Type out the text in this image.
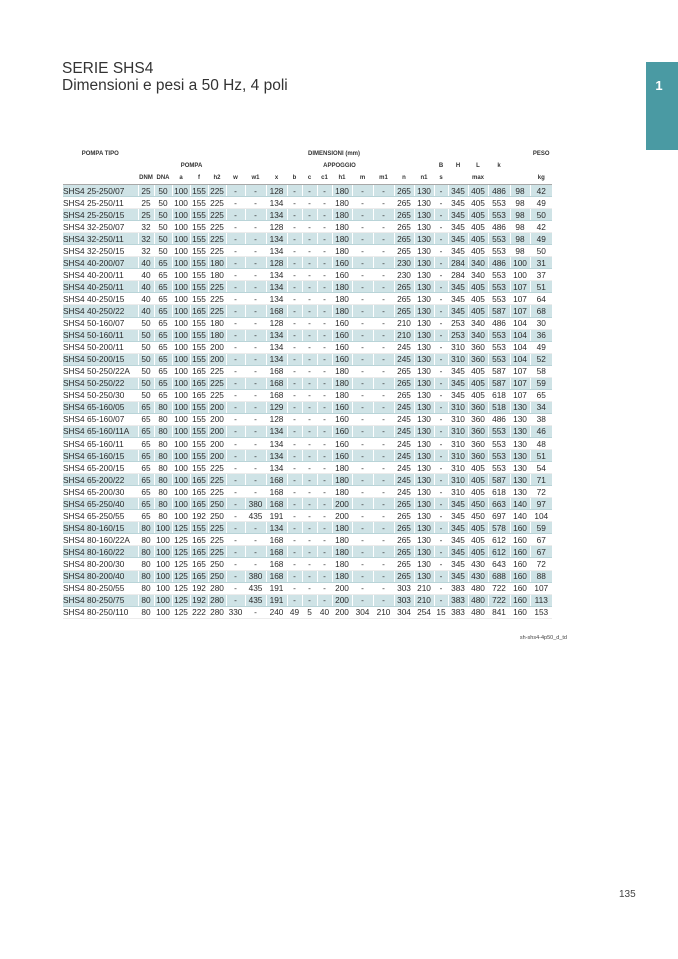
SERIE SHS4
Dimensioni e pesi a 50 Hz, 4 poli	1
POMPA TIPO	DIMENSIONI (mm)																					PESO
	POMPA						APPOGGIO										B	H	L	k		
	DNM	DNA	a	f	h2	w	w1	x	b	c	c1	h1	m	m1	n	n1	s		max			kg
SHS4 25-250/07	25	50	100	155	225	-	-	128	-	-	-	180	-	-	265	130	-	345	405	486	98	42
SHS4 25-250/11	25	50	100	155	225	-	-	134	-	-	-	180	-	-	265	130	-	345	405	553	98	49
SHS4 25-250/15	25	50	100	155	225	-	-	134	-	-	-	180	-	-	265	130	-	345	405	553	98	50
SHS4 32-250/07	32	50	100	155	225	-	-	128	-	-	-	180	-	-	265	130	-	345	405	486	98	42
SHS4 32-250/11	32	50	100	155	225	-	-	134	-	-	-	180	-	-	265	130	-	345	405	553	98	49
SHS4 32-250/15	32	50	100	155	225	-	-	134	-	-	-	180	-	-	265	130	-	345	405	553	98	50
SHS4 40-200/07	40	65	100	155	180	-	-	128	-	-	-	160	-	-	230	130	-	284	340	486	100	31
SHS4 40-200/11	40	65	100	155	180	-	-	134	-	-	-	160	-	-	230	130	-	284	340	553	100	37
SHS4 40-250/11	40	65	100	155	225	-	-	134	-	-	-	180	-	-	265	130	-	345	405	553	107	51
SHS4 40-250/15	40	65	100	155	225	-	-	134	-	-	-	180	-	-	265	130	-	345	405	553	107	64
SHS4 40-250/22	40	65	100	165	225	-	-	168	-	-	-	180	-	-	265	130	-	345	405	587	107	68
SHS4 50-160/07	50	65	100	155	180	-	-	128	-	-	-	160	-	-	210	130	-	253	340	486	104	30
SHS4 50-160/11	50	65	100	155	180	-	-	134	-	-	-	160	-	-	210	130	-	253	340	553	104	36
SHS4 50-200/11	50	65	100	155	200	-	-	134	-	-	-	160	-	-	245	130	-	310	360	553	104	49
SHS4 50-200/15	50	65	100	155	200	-	-	134	-	-	-	160	-	-	245	130	-	310	360	553	104	52
SHS4 50-250/22A	50	65	100	165	225	-	-	168	-	-	-	180	-	-	265	130	-	345	405	587	107	58
SHS4 50-250/22	50	65	100	165	225	-	-	168	-	-	-	180	-	-	265	130	-	345	405	587	107	59
SHS4 50-250/30	50	65	100	165	225	-	-	168	-	-	-	180	-	-	265	130	-	345	405	618	107	65
SHS4 65-160/05	65	80	100	155	200	-	-	129	-	-	-	160	-	-	245	130	-	310	360	518	130	34
SHS4 65-160/07	65	80	100	155	200	-	-	128	-	-	-	160	-	-	245	130	-	310	360	486	130	38
SHS4 65-160/11A	65	80	100	155	200	-	-	134	-	-	-	160	-	-	245	130	-	310	360	553	130	46
SHS4 65-160/11	65	80	100	155	200	-	-	134	-	-	-	160	-	-	245	130	-	310	360	553	130	48
SHS4 65-160/15	65	80	100	155	200	-	-	134	-	-	-	160	-	-	245	130	-	310	360	553	130	51
SHS4 65-200/15	65	80	100	155	225	-	-	134	-	-	-	180	-	-	245	130	-	310	405	553	130	54
SHS4 65-200/22	65	80	100	165	225	-	-	168	-	-	-	180	-	-	245	130	-	310	405	587	130	71
SHS4 65-200/30	65	80	100	165	225	-	-	168	-	-	-	180	-	-	245	130	-	310	405	618	130	72
SHS4 65-250/40	65	80	100	165	250	-	380	168	-	-	-	200	-	-	265	130	-	345	450	663	140	97
SHS4 65-250/55	65	80	100	192	250	-	435	191	-	-	-	200	-	-	265	130	-	345	450	697	140	104
SHS4 80-160/15	80	100	125	155	225	-	-	134	-	-	-	180	-	-	265	130	-	345	405	578	160	59
SHS4 80-160/22A	80	100	125	165	225	-	-	168	-	-	-	180	-	-	265	130	-	345	405	612	160	67
SHS4 80-160/22	80	100	125	165	225	-	-	168	-	-	-	180	-	-	265	130	-	345	405	612	160	67
SHS4 80-200/30	80	100	125	165	250	-	-	168	-	-	-	180	-	-	265	130	-	345	430	643	160	72
SHS4 80-200/40	80	100	125	165	250	-	380	168	-	-	-	180	-	-	265	130	-	345	430	688	160	88
SHS4 80-250/55	80	100	125	192	280	-	435	191	-	-	-	200	-	-	303	210	-	383	480	722	160	107
SHS4 80-250/75	80	100	125	192	280	-	435	191	-	-	-	200	-	-	303	210	-	383	480	722	160	113
SHS4 80-250/110	80	100	125	222	280	330	-	240	49	5	40	200	304	210	304	254	15	383	480	841	160	153
sh-shs4-4p50_d_td
135
